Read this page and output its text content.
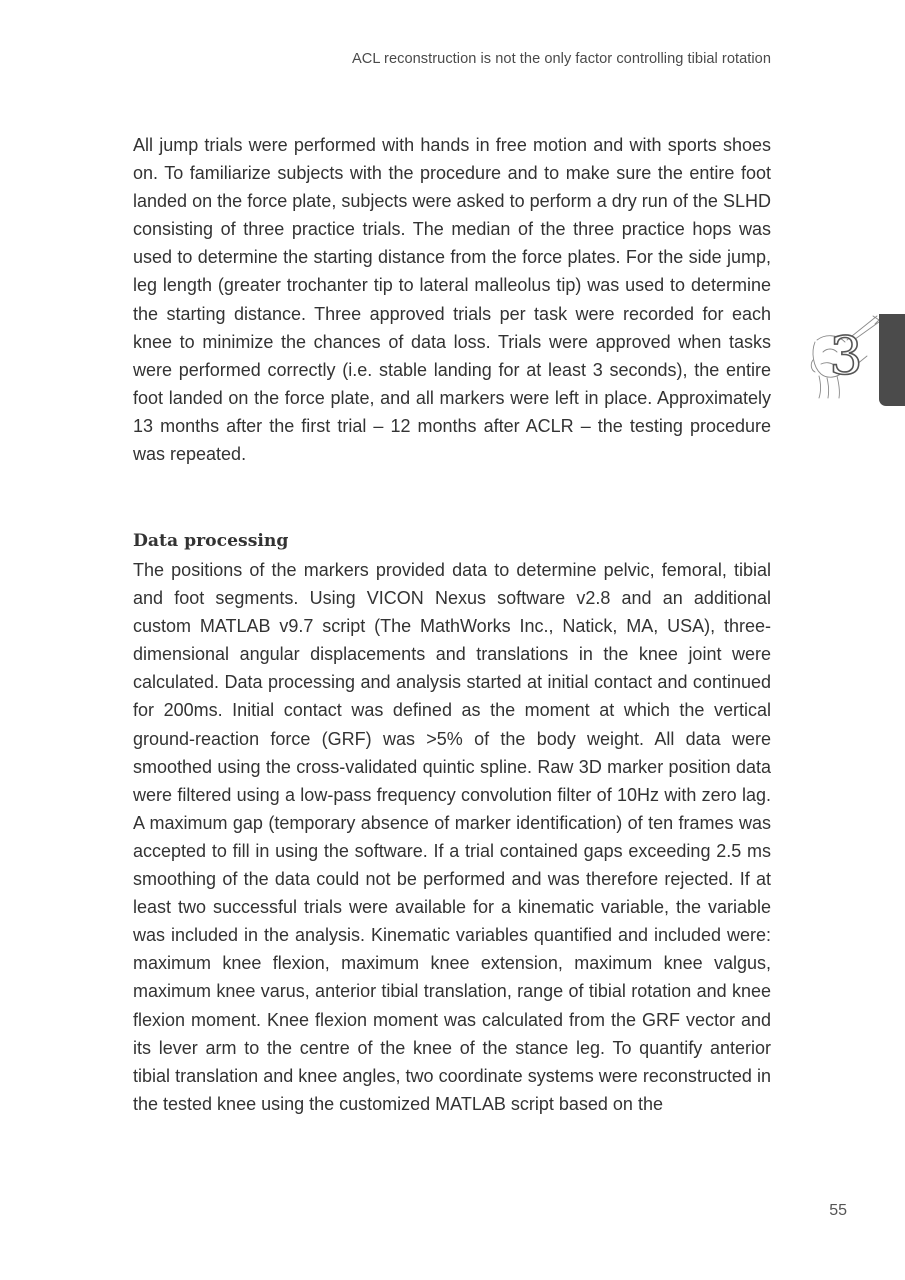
ACL reconstruction is not the only factor controlling tibial rotation

All jump trials were performed with hands in free motion and with sports shoes on. To familiarize subjects with the procedure and to make sure the entire foot landed on the force plate, subjects were asked to perform a dry run of the SLHD consisting of three practice trials. The median of the three practice hops was used to determine the starting distance from the force plates. For the side jump, leg length (greater trochanter tip to lateral malleolus tip) was used to determine the starting distance. Three approved trials per task were recorded for each knee to minimize the chances of data loss. Trials were approved when tasks were performed correctly (i.e. stable landing for at least 3 seconds), the entire foot landed on the force plate, and all markers were left in place. Approximately 13 months after the first trial – 12 months after ACLR – the testing procedure was repeated.

Data processing

The positions of the markers provided data to determine pelvic, femoral, tibial and foot segments. Using VICON Nexus software v2.8 and an additional custom MATLAB v9.7 script (The MathWorks Inc., Natick, MA, USA), three-dimensional angular displacements and translations in the knee joint were calculated. Data processing and analysis started at initial contact and continued for 200ms. Initial contact was defined as the moment at which the vertical ground-reaction force (GRF) was >5% of the body weight. All data were smoothed using the cross-validated quintic spline. Raw 3D marker position data were filtered using a low-pass frequency convolution filter of 10Hz with zero lag. A maximum gap (temporary absence of marker identification) of ten frames was accepted to fill in using the software. If a trial contained gaps exceeding 2.5 ms smoothing of the data could not be performed and was therefore rejected. If at least two successful trials were available for a kinematic variable, the variable was included in the analysis. Kinematic variables quantified and included were: maximum knee flexion, maximum knee extension, maximum knee valgus, maximum knee varus, anterior tibial translation, range of tibial rotation and knee flexion moment. Knee flexion moment was calculated from the GRF vector and its lever arm to the centre of the knee of the stance leg. To quantify anterior tibial translation and knee angles, two coordinate systems were reconstructed in the tested knee using the customized MATLAB script based on the

3
55
